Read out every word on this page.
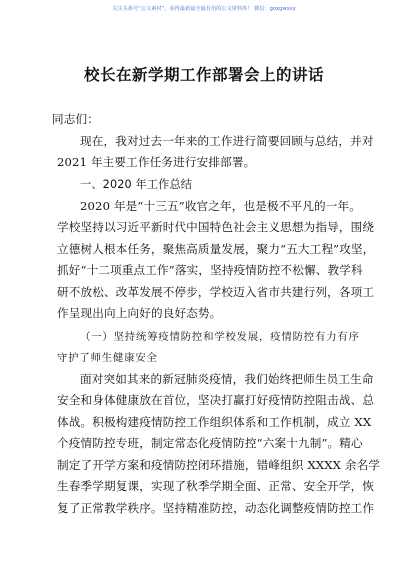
关注头条号“公文素材”，获得最新最全最有用的公文资料库！ 微信：goxgwxxy
校长在新学期工作部署会上的讲话
同志们：
现在，我对过去一年来的工作进行简要回顾与总结，并对
2021 年主要工作任务进行安排部署。
一、2020 年工作总结
2020 年是“十三五”收官之年，也是极不平凡的一年。
学校坚持以习近平新时代中国特色社会主义思想为指导，围绕
立德树人根本任务，聚焦高质量发展，聚力“五大工程”攻坚，
抓好“十二项重点工作”落实，坚持疫情防控不松懈、教学科
研不放松、改革发展不停步，学校迈入省市共建行列，各项工
作呈现出向上向好的良好态势。
（一）坚持统筹疫情防控和学校发展，疫情防控有力有序
守护了师生健康安全
面对突如其来的新冠肺炎疫情，我们始终把师生员工生命
安全和身体健康放在首位，坚决打赢打好疫情防控阻击战、总
体战。积极构建疫情防控工作组织体系和工作机制，成立 XX
个疫情防控专班，制定常态化疫情防控“六案十九制”。精心
制定了开学方案和疫情防控闭环措施，错峰组织 XXXX 余名学
生春季学期复课，实现了秋季学期全面、正常、安全开学，恢
复了正常教学秩序。坚持精准防控，动态化调整疫情防控工作
